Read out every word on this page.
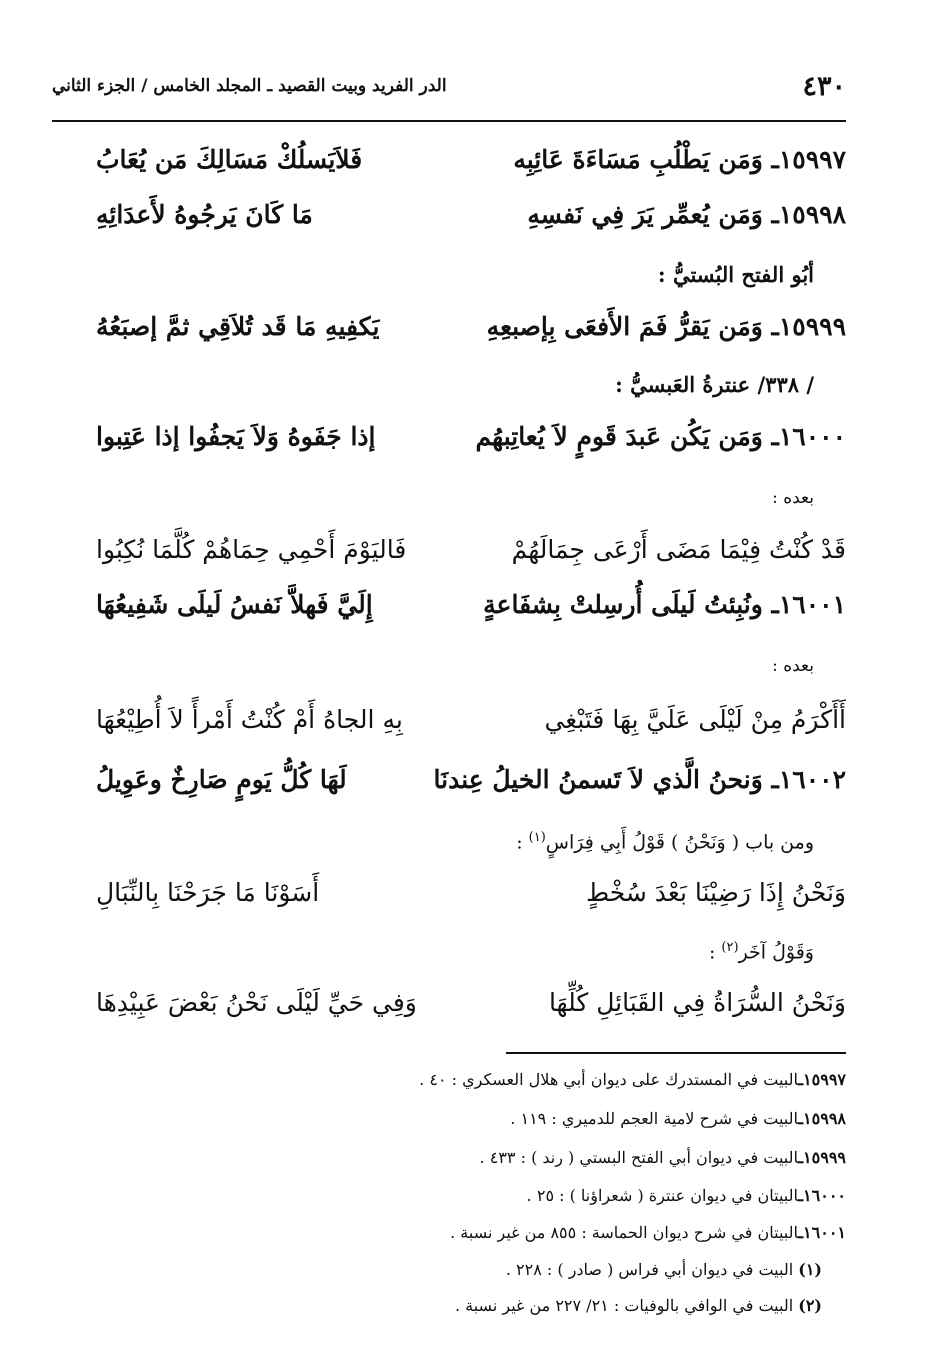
٤٣٠
الدر الفريد وبيت القصيد ـ المجلد الخامس / الجزء الثاني
١٥٩٩٧ـ وَمَن يَطْلُبِ مَسَاءَةَ عَائِبِه
فَلاَيَسلُكْ مَسَالِكَ مَن يُعَابُ
١٥٩٩٨ـ وَمَن يُعمِّر يَرَ فِي نَفسِهِ
مَا كَانَ يَرجُوهُ لأَعدَائِهِ
أبُو الفتح البُستيُّ :
١٥٩٩٩ـ وَمَن يَقرُّ فَمَ الأَفعَى بِإصبعِهِ
يَكفِيهِ مَا قَد تُلاَقِي ثمَّ إصبَعُهُ
/ ٣٣٨/ عنترةُ العَبسيُّ :
١٦٠٠٠ـ وَمَن يَكُن عَبدَ قَومٍ لاَ يُعاتِبهُم
إذا جَفَوهُ وَلاَ يَجفُوا إذا عَتِبوا
بعده :
قَدْ كُنْتُ فِيْمَا مَضَى أَرْعَى جِمَالَهُمْ
فَاليَوْمَ أَحْمِي حِمَاهُمْ كُلَّمَا نُكِبُوا
١٦٠٠١ـ ونُبِئتُ لَيلَى أُرسِلتْ بِشفَاعةٍ
إِلَيَّ فَهلاَّ نَفسُ لَيلَى شَفِيعُهَا
بعده :
أَأَكْرَمُ مِنْ لَيْلَى عَلَيَّ بِهَا فَتَبْغِي
بِهِ الجاهُ أَمْ كُنْتُ أَمْرأً لاَ أُطِيْعُهَا
١٦٠٠٢ـ وَنحنُ الَّذي لاَ تَسمنُ الخيلُ عِندنَا
لَهَا كُلُّ يَومٍ صَارِخٌ وعَوِيلُ
ومن باب ( وَنَحْنُ ) قَوْلُ أَبِي فِرَاسٍ$^{(١)}$ :
وَنَحْنُ إِذَا رَضِيْنَا بَعْدَ سُخْطٍ
أَسَوْنَا مَا جَرَحْنَا بِالنِّبَالِ
وَقَوْلُ آخَر$^{(٢)}$ :
وَنَحْنُ السُّرَاةُ فِي القَبَائِلِ كُلِّهَا
وَفِي حَيِّ لَيْلَى نَحْنُ بَعْضَ عَبِيْدِهَا
١٥٩٩٧ـالبيت في المستدرك على ديوان أبي هلال العسكري : ٤٠ .
١٥٩٩٨ـالبيت في شرح لامية العجم للدميري : ١١٩ .
١٥٩٩٩ـالبيت في ديوان أبي الفتح البستي ( رند ) : ٤٣٣ .
١٦٠٠٠ـالبيتان في ديوان عنترة ( شعراؤنا ) : ٢٥ .
١٦٠٠١ـالبيتان في شرح ديوان الحماسة : ٨٥٥ من غير نسبة .
(١) البيت في ديوان أبي فراس ( صادر ) : ٢٢٨ .
(٢) البيت في الوافي بالوفيات : ٢١/ ٢٢٧ من غير نسبة .
